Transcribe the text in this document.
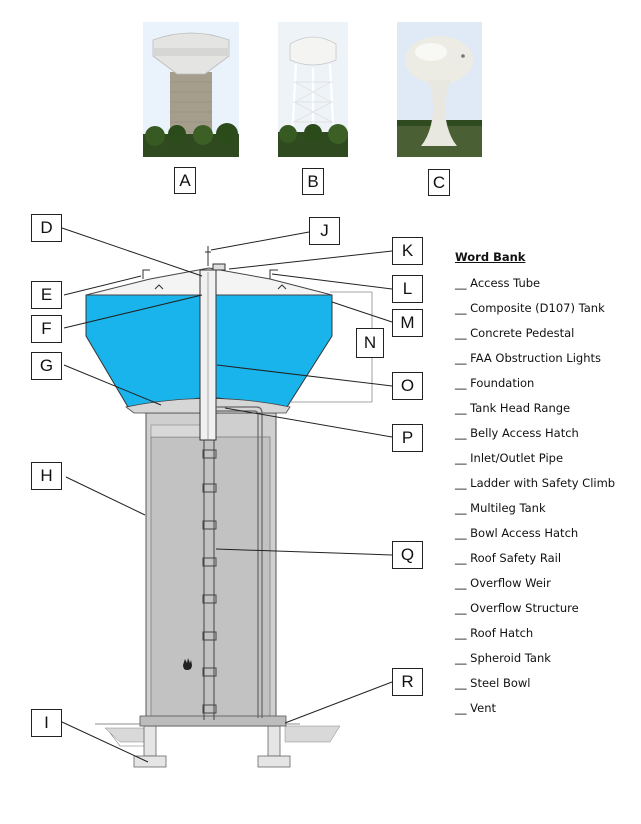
A	B	C
D
E
F
G
H
I
J
K
L
M
N
O
P
Q
R
Word Bank
__ Access Tube
__ Composite (D107) Tank
__ Concrete Pedestal
__ FAA Obstruction Lights
__ Foundation
__ Tank Head Range
__ Belly Access Hatch
__ Inlet/Outlet Pipe
__ Ladder with Safety Climb
__ Multileg Tank
__ Bowl Access Hatch
__ Roof Safety Rail
__ Overflow Weir
__ Overflow Structure
__ Roof Hatch
__ Spheroid Tank
__ Steel Bowl
__ Vent
